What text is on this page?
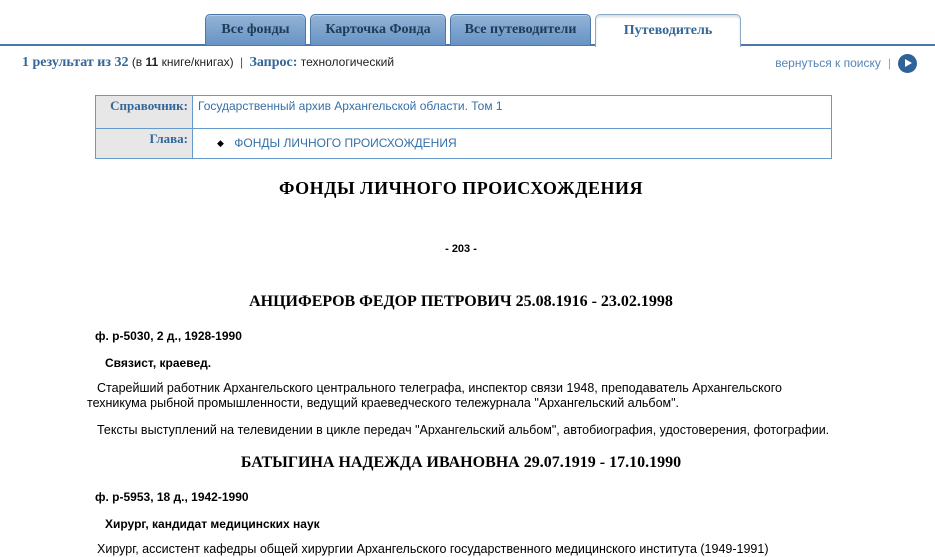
Все фонды	Карточка Фонда	Все путеводители	Путеводитель
1 результат из 32 (в 11 книге/книгах) | Запрос: технологический	вернуться к поиску |
Справочник:	Государственный архив Архангельской области. Том 1
Глава:	◆ ФОНДЫ ЛИЧНОГО ПРОИСХОЖДЕНИЯ
ФОНДЫ ЛИЧНОГО ПРОИСХОЖДЕНИЯ
- 203 -
АНЦИФЕРОВ ФЕДОР ПЕТРОВИЧ 25.08.1916 - 23.02.1998
ф. р-5030, 2 д., 1928-1990
Связист, краевед.
Старейший работник Архангельского центрального телеграфа, инспектор связи 1948, преподаватель Архангельского техникума рыбной промышленности, ведущий краеведческого тележурнала "Архангельский альбом".
Тексты выступлений на телевидении в цикле передач "Архангельский альбом", автобиография, удостоверения, фотографии.
БАТЫГИНА НАДЕЖДА ИВАНОВНА 29.07.1919 - 17.10.1990
ф. р-5953, 18 д., 1942-1990
Хирург, кандидат медицинских наук
Хирург, ассистент кафедры общей хирургии Архангельского государственного медицинского института (1949-1991)
